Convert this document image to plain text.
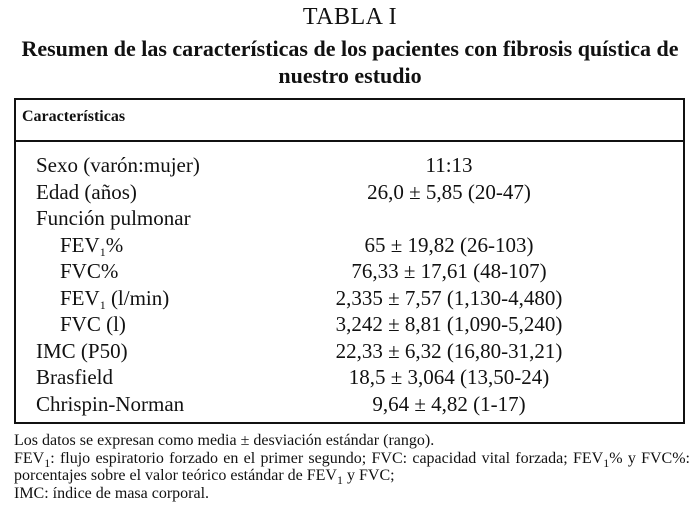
TABLA I
Resumen de las características de los pacientes con fibrosis quística de nuestro estudio
Características
Sexo (varón:mujer)	11:13
Edad (años)	26,0 ± 5,85 (20-47)
Función pulmonar
$FEV_1\%$	65 ± 19,82 (26-103)
FVC%	76,33 ± 17,61 (48-107)
$FEV_1$ (l/min)	2,335 ± 7,57 (1,130-4,480)
FVC (l)	3,242 ± 8,81 (1,090-5,240)
IMC (P50)	22,33 ± 6,32 (16,80-31,21)
Brasfield	18,5 ± 3,064 (13,50-24)
Chrispin-Norman	9,64 ± 4,82 (1-17)

Los datos se expresan como media ± desviación estándar (rango).

$FEV_1$: flujo espiratorio forzado en el primer segundo; FVC: capacidad vital forzada; $FEV_1\%$ y FVC%: porcentajes sobre el valor teórico estándar de $FEV_1$ y FVC;

IMC: índice de masa corporal.
